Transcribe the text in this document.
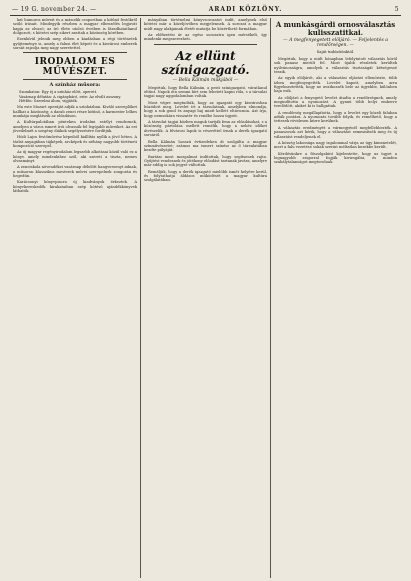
— 19 G. november 24. —	ARADI KÖZLÖNY.	5

kat humoros műveit és a második csoportban a kitűnő festőkről szóló írásait. Mindegyik részben a magyar elbeszélés legjavát kapja az olvasó; az író élete utolsó éveiben is fáradhatatlanul dolgozott, s kötetei szép sikert arattak a közönség körében.

Ezenkívül jelenik meg ebben a kiadásban a régi történetek gyűjteménye is, amely a falusi élet képeit és a kisvárosi emberek sorsát rajzolja meg nagy szeretettel.

IRODALOM ES MŰVÉSZET.
A színház műsora:
Szombaton: Egy éj a színház előtt, operett.
Vasárnap délután: A cigánybáró, este: Az elvált asszony.
Hétfőn: Szerelmi álom, vígjáték.

Ma este Mozart operáját adják a színházban. Kiváló szereplőket hallhat a közönség; a darab zenei része kitűnő, a karmester lelkes munkája meglátszik az előadáson.

A Kultúrpalotában pénteken irodalmi estélyt rendeznek, amelyen a város ismert írói olvassák fel legújabb műveiket. Az est jövedelmét a szegény diákok segélyezésére fordítják.

Hódi Lajos festőművész képeiből kiállítás nyílik a jövő héten. A tárlat anyagában tájképek, arcképek és néhány nagyobb történeti kompozíció szerepel.

Az új magyar regényirodalom legszebb alkotásai közül való ez a könyv, amely mindenkihez szól, aki szereti a tiszta, nemes olvasmányt.

A zeneiskola növendékei vasárnap délelőtt hangversenyt adnak, a műsoron klasszikus mesterek művei szerepelnek zongorán és hegedűn.

Karácsonyi könyvpiacra új kiadványok érkeztek. A könyvkereskedők kirakataiban szép kötésű ajándékkönyvek láthatók.

mányában történelmi könyvsorozatot indít, amelynek első kötetei már a közeljövőben megjelennek. A sorozat a magyar múlt nagy alakjainak életét mutatja be közérthető formában.

Az előfizetési ár az egész sorozatra igen mérsékelt, így mindenki megszerezheti.

Az ellünt színigazgató.
— Bella Kálmán műkjából —

Megírtuk, hogy Bella Kálmán, a pesti színigazgató, váratlanul eltűnt. Napok óta semmi hírt sem lehetett kapni róla, s a társulat tagjai nagy aggodalomban voltak.

Most végre megtudták, hogy az igazgató egy kisvárosban húzódott meg. Levelet írt a társulatnak, amelyben elmondja, hogy a sok gond és anyagi baj miatt kellett eltávoznia. Azt írja, hogy nemsokára visszatér és rendbe hozza ügyeit.

A társulat tagjai közben maguk tartják fenn az előadásokat, s a közönség pártolása mellett remélik, hogy a nehéz időket átvészelik. A fővárosi lapok is részvéttel írnak a derék igazgató sorsáról.

Bella Kálmán hosszú évtizedeken át szolgálta a magyar színművészetet; számos ma ismert színész az ő társulatában kezdte pályáját.

Barátai most mozgalmat indítottak, hogy segítsenek rajta. Gyűjtést rendeznek és jótékony előadást tartanak javára, amelyre már eddig is sok jegyet váltottak.

Reméljük, hogy a derék igazgató mielőbb ismét helyére kerül, és folytathatja áldásos működését a magyar kultúra szolgálatában.

A munkásgárdi ornosválasztás kulisszatitkai.
— A megfenyegetett elöljáró. — Feljelentés a rendőrségen. —
Saját tudósítónktól.

Megírtuk, hogy a múlt hónapban lefolytatott választás körül sok panasz merült fel. Most újabb részletek kerültek nyilvánosságra, amelyek a választás tisztaságát kétségessé teszik.

Az egyik elöljárót, aki a választási eljárást ellenőrizte, több ízben megfenyegették. Levelet kapott, amelyben arra figyelmeztették, hogy ne avatkozzék bele az ügyekbe, különben baja esik.

Az elöljáró a fenyegető levelet átadta a rendőrségnek, amely megindította a nyomozást. A gyanú több helyi emberre terelődött, akiket ki is hallgattak.

A rendőrség megállapította, hogy a levelet egy közeli faluban adták postára. A nyomozás tovább folyik, és remélhető, hogy a tettesek rövidesen kézre kerülnek.

A választás eredményét a vármegyénél megfellebbezték. A panaszosok azt kérik, hogy a választást semmisítsék meg és új választást rendeljenek el.

A község lakossága nagy izgalommal várja az ügy kimenetelét, mert a falu vezetése sokak szerint méltatlan kezekbe került.

Kérdésünkre a főszolgabíró kijelentette, hogy az ügyet a legnagyobb szigorral fogják kivizsgálni, és minden szabálytalanságot megtorolnak.
